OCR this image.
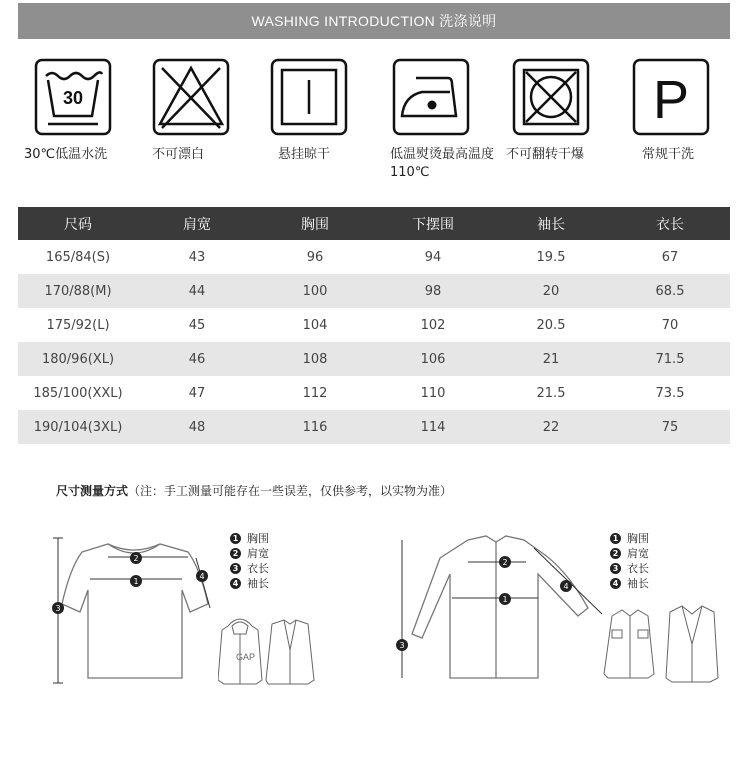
WASHING INTRODUCTION 洗涤说明
30
30℃低温水洗	不可漂白	悬挂晾干	低温熨烫最高温度110℃
不可翻转干爆
P
常规干洗
尺码	肩宽	胸围	下摆围	袖长	衣长
165/84(S)	43	96	94	19.5	67
170/88(M)	44	100	98	20	68.5
175/92(L)	45	104	102	20.5	70
180/96(XL)	46	108	106	21	71.5
185/100(XXL)	47	112	110	21.5	73.5
190/104(3XL)	48	116	114	22	75
尺寸测量方式（注：手工测量可能存在一些误差，仅供参考，以实物为准）
3
1
2
4
1 胸围
2 肩宽
3 衣长
4 袖长
GAP
3
1
2
4
1 胸围
2 肩宽
3 衣长
4 袖长
